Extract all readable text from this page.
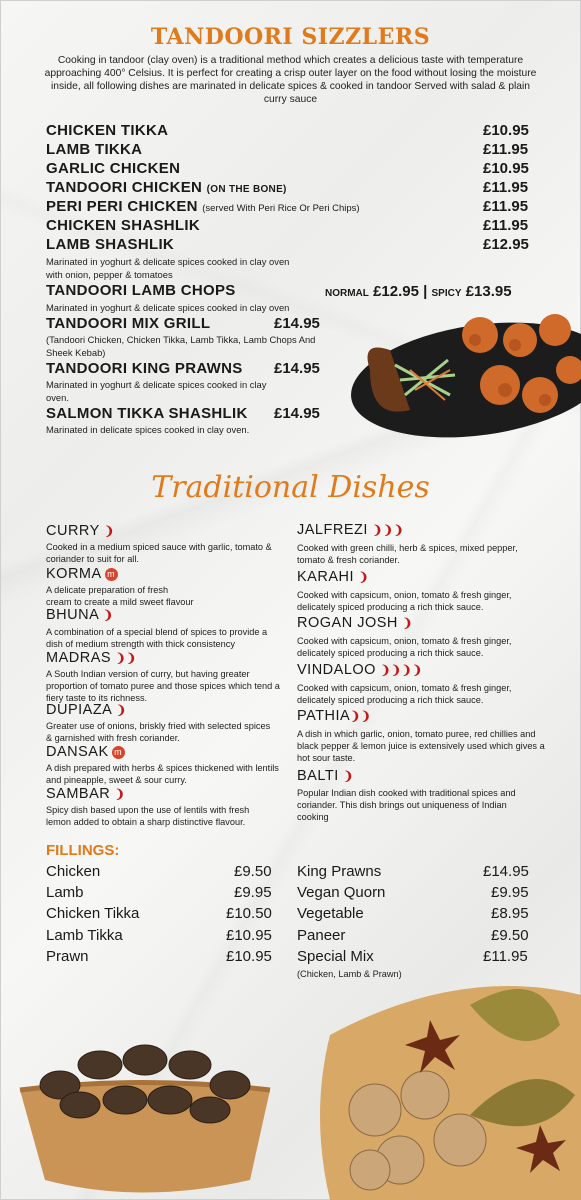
TANDOORI SIZZLERS
Cooking in tandoor (clay oven) is a traditional method which creates a delicious taste with temperature approaching 400° Celsius. It is perfect for creating a crisp outer layer on the food without losing the moisture inside, all following dishes are marinated in delicate spices & cooked in tandoor Served with salad & plain curry sauce
CHICKEN TIKKA	£10.95
LAMB TIKKA	£11.95
GARLIC CHICKEN	£10.95
TANDOORI CHICKEN (ON THE BONE)	£11.95
PERI PERI CHICKEN (served With Peri Rice Or Peri Chips)	£11.95
CHICKEN SHASHLIK	£11.95
LAMB SHASHLIK	£12.95
Marinated in yoghurt & delicate spices cooked in clay oven with onion, pepper & tomatoes
TANDOORI LAMB CHOPS	NORMAL £12.95 | SPICY £13.95
Marinated in yoghurt & delicate spices cooked in clay oven
TANDOORI MIX GRILL	£14.95
(Tandoori Chicken, Chicken Tikka, Lamb Tikka, Lamb Chops And Sheek Kebab)
TANDOORI KING PRAWNS £14.95
Marinated in yoghurt & delicate spices cooked in clay oven.
SALMON TIKKA SHASHLIK £14.95
Marinated in delicate spices cooked in clay oven.
Traditional Dishes
CURRY ❩
Cooked in a medium spiced sauce with garlic, tomato & coriander to suit for all.
KORMA m
A delicate preparation of fresh cream to create a mild sweet flavour
BHUNA ❩
A combination of a special blend of spices to provide a dish of medium strength with thick consistency
MADRAS ❩❩
A South Indian version of curry, but having greater proportion of tomato puree and those spices which tend a fiery taste to its richness.
DUPIAZA ❩
Greater use of onions, briskly fried with selected spices & garnished with fresh coriander.
DANSAK m
A dish prepared with herbs & spices thickened with lentils and pineapple, sweet & sour curry.
SAMBAR ❩
Spicy dish based upon the use of lentils with fresh lemon added to obtain a sharp distinctive flavour.
JALFREZI ❩❩❩
Cooked with green chilli, herb & spices, mixed pepper, tomato & fresh coriander.
KARAHI ❩
Cooked with capsicum, onion, tomato & fresh ginger, delicately spiced producing a rich thick sauce.
ROGAN JOSH ❩
Cooked with capsicum, onion, tomato & fresh ginger, delicately spiced producing a rich thick sauce.
VINDALOO ❩❩❩❩
Cooked with capsicum, onion, tomato & fresh ginger, delicately spiced producing a rich thick sauce.
PATHIA❩❩
A dish in which garlic, onion, tomato puree, red chillies and black pepper & lemon juice is extensively used which gives a hot sour taste.
BALTI ❩
Popular Indian dish cooked with traditional spices and coriander. This dish brings out uniqueness of Indian cooking
FILLINGS:
Chicken	£9.50
Lamb	£9.95
Chicken Tikka	£10.50
Lamb Tikka	£10.95
Prawn	£10.95
King Prawns	£14.95
Vegan Quorn	£9.95
Vegetable	£8.95
Paneer	£9.50
Special Mix	£11.95
(Chicken, Lamb & Prawn)
